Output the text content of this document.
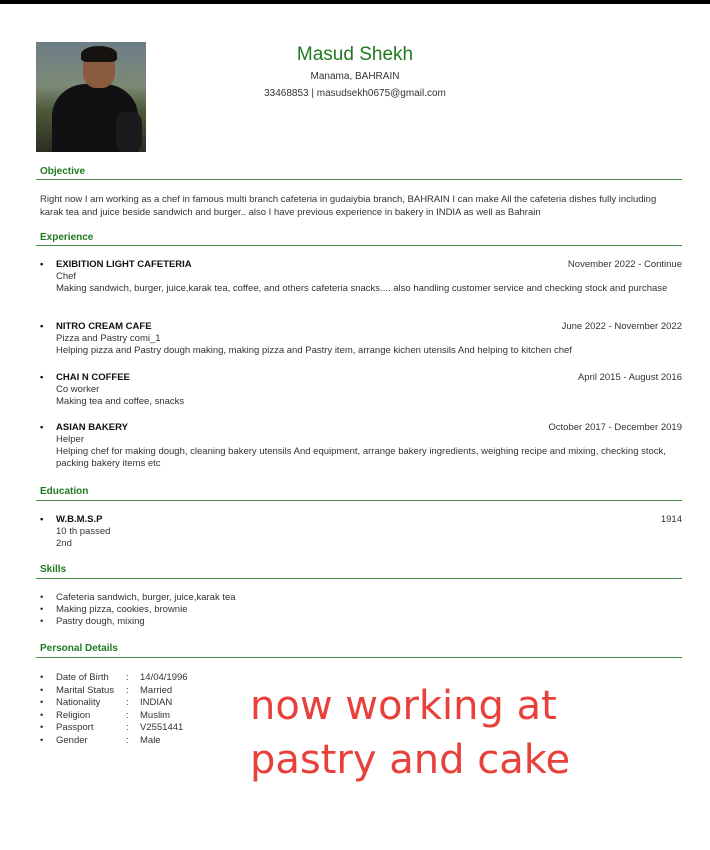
Masud Shekh
Manama, BAHRAIN
33468853 | masudsekh0675@gmail.com
Objective
Right now I am working as a chef in famous multi branch cafeteria in gudaiybia branch, BAHRAIN I can make All the cafeteria dishes fully including karak tea and juice beside sandwich and burger.. also I have previous experience in bakery in INDIA as well as Bahrain
Experience
• EXIBITION LIGHT CAFETERIA	November 2022 - Continue
Chef
Making sandwich, burger, juice,karak tea, coffee, and others cafeteria snacks.... also handling customer service and checking stock and purchase
• NITRO CREAM CAFE	June 2022 - November 2022
Pizza and Pastry comi_1
Helping pizza and Pastry dough making, making pizza and Pastry item, arrange kichen utensils And helping to kitchen chef
• CHAI N COFFEE	April 2015 - August 2016
Co worker
Making tea and coffee, snacks
• ASIAN BAKERY	October 2017 - December 2019
Helper
Helping chef for making dough, cleaning bakery utensils And equipment, arrange bakery ingredients, weighing recipe and mixing, checking stock, packing bakery items etc
Education
• W.B.M.S.P	1914
10 th passed
2nd
Skills
• Cafeteria sandwich, burger, juice,karak tea
• Making pizza, cookies, brownie
• Pastry dough, mixing
Personal Details
• Date of Birth	:	14/04/1996
• Marital Status	:	Married
• Nationality	:	INDIAN
• Religion	:	Muslim
• Passport	:	V2551441
• Gender	:	Male
now working at
pastry and cake
